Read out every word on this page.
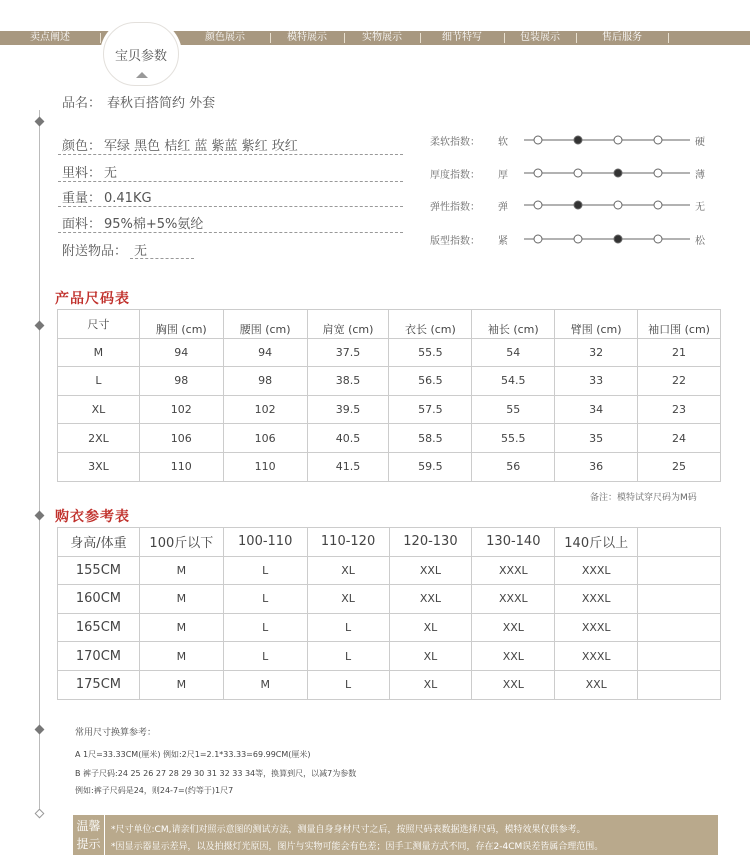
卖点阐述	颜色展示	模特展示	实物展示	细节特写	包装展示	售后服务
宝贝参数
品名： 春秋百搭简约 外套
颜色： 军绿 黑色 桔红 蓝 紫蓝 紫红 玫红
里料： 无
重量： 0.41KG
面料： 95%棉+5%氨纶
附送物品： 无
柔软指数： 软	硬
厚度指数： 厚	薄
弹性指数： 弹	无
版型指数： 紧	松
产品尺码表
尺寸	胸围 (cm)	腰围 (cm)	肩宽 (cm)	衣长 (cm)	袖长 (cm)	臂围 (cm)	袖口围 (cm)
M	94	94	37.5	55.5	54	32	21
L	98	98	38.5	56.5	54.5	33	22
XL	102	102	39.5	57.5	55	34	23
2XL	106	106	40.5	58.5	55.5	35	24
3XL	110	110	41.5	59.5	56	36	25
备注：模特试穿尺码为M码
购衣参考表
身高/体重	100斤以下	100-110	110-120	120-130	130-140	140斤以上	
155CM	M	L	XL	XXL	XXXL	XXXL	
160CM	M	L	XL	XXL	XXXL	XXXL	
165CM	M	L	L	XL	XXL	XXXL	
170CM	M	L	L	XL	XXL	XXXL	
175CM	M	M	L	XL	XXL	XXL	
常用尺寸换算参考：
A 1尺=33.33CM(厘米) 例如:2尺1=2.1*33.33=69.99CM(厘米)
B 裤子尺码:24 25 26 27 28 29 30 31 32 33 34等，换算到尺，以减7为参数
例如:裤子尺码是24，则24-7=(约等于)1尺7
温馨
提示
*尺寸单位:CM,请亲们对照示意图的测试方法，测量自身身材尺寸之后，按照尺码表数据选择尺码，模特效果仅供参考。
*因显示器显示差异，以及拍摄灯光原因，图片与实物可能会有色差；因手工测量方式不同，存在2-4CM误差皆属合理范围。
